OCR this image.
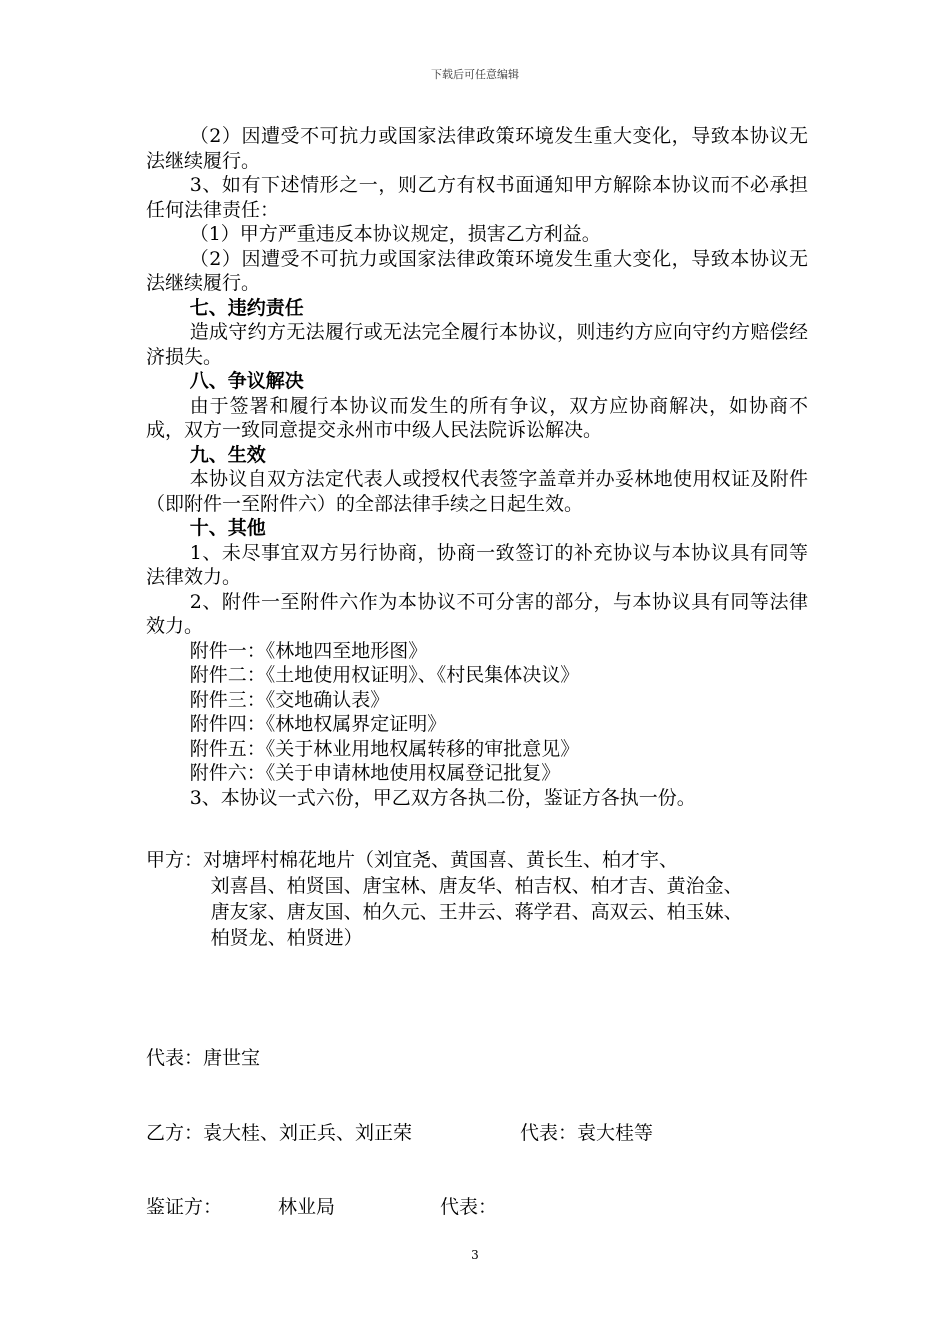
下载后可任意编辑

（2）因遭受不可抗力或国家法律政策环境发生重大变化，导致本协议无法继续履行。

3、如有下述情形之一，则乙方有权书面通知甲方解除本协议而不必承担任何法律责任：

（1）甲方严重违反本协议规定，损害乙方利益。

（2）因遭受不可抗力或国家法律政策环境发生重大变化，导致本协议无法继续履行。

七、违约责任

造成守约方无法履行或无法完全履行本协议，则违约方应向守约方赔偿经济损失。

八、争议解决

由于签署和履行本协议而发生的所有争议，双方应协商解决，如协商不成，双方一致同意提交永州市中级人民法院诉讼解决。

九、生效

本协议自双方法定代表人或授权代表签字盖章并办妥林地使用权证及附件（即附件一至附件六）的全部法律手续之日起生效。

十、其他

1、未尽事宜双方另行协商，协商一致签订的补充协议与本协议具有同等法律效力。

2、附件一至附件六作为本协议不可分害的部分，与本协议具有同等法律效力。

附件一：《林地四至地形图》

附件二：《土地使用权证明》、《村民集体决议》

附件三：《交地确认表》

附件四：《林地权属界定证明》

附件五：《关于林业用地权属转移的审批意见》

附件六：《关于申请林地使用权属登记批复》

3、本协议一式六份，甲乙双方各执二份，鉴证方各执一份。

甲方：对塘坪村棉花地片（刘宜尧、黄国喜、黄长生、柏才宇、

刘喜昌、柏贤国、唐宝林、唐友华、柏吉权、柏才吉、黄治金、

唐友家、唐友国、柏久元、王井云、蒋学君、高双云、柏玉妹、

柏贤龙、柏贤进）

代表：唐世宝
乙方：袁大桂、刘正兵、刘正荣	代表：袁大桂等
鉴证方：	林业局	代表：
3
